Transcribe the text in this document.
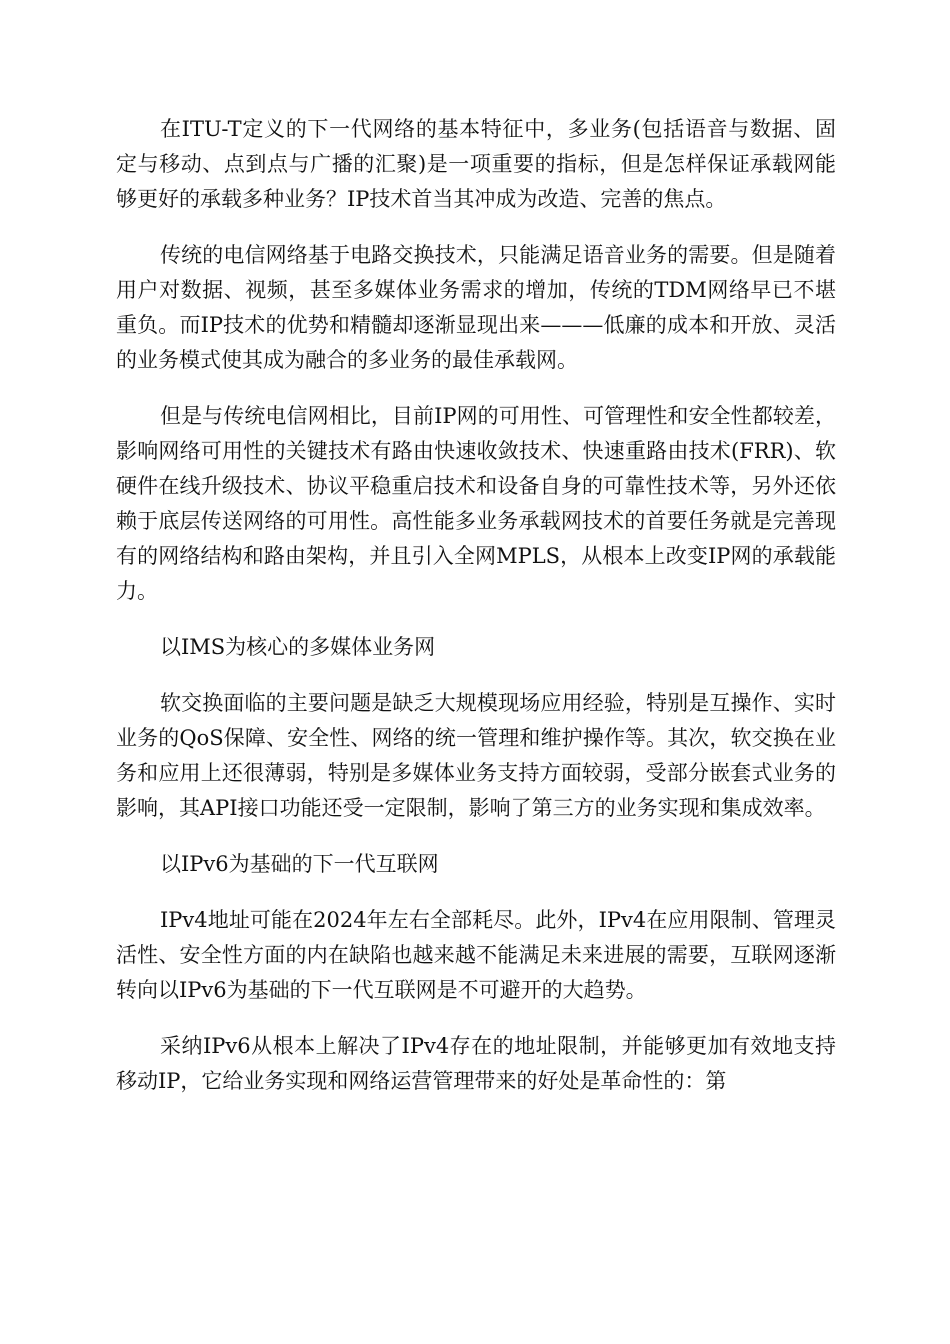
在ITU-T定义的下一代网络的基本特征中，多业务(包括语音与数据、固定与移动、点到点与广播的汇聚)是一项重要的指标，但是怎样保证承载网能够更好的承载多种业务？IP技术首当其冲成为改造、完善的焦点。

传统的电信网络基于电路交换技术，只能满足语音业务的需要。但是随着用户对数据、视频，甚至多媒体业务需求的增加，传统的TDM网络早已不堪重负。而IP技术的优势和精髓却逐渐显现出来———低廉的成本和开放、灵活的业务模式使其成为融合的多业务的最佳承载网。

但是与传统电信网相比，目前IP网的可用性、可管理性和安全性都较差，影响网络可用性的关键技术有路由快速收敛技术、快速重路由技术(FRR)、软硬件在线升级技术、协议平稳重启技术和设备自身的可靠性技术等，另外还依赖于底层传送网络的可用性。高性能多业务承载网技术的首要任务就是完善现有的网络结构和路由架构，并且引入全网MPLS，从根本上改变IP网的承载能力。

以IMS为核心的多媒体业务网

软交换面临的主要问题是缺乏大规模现场应用经验，特别是互操作、实时业务的QoS保障、安全性、网络的统一管理和维护操作等。其次，软交换在业务和应用上还很薄弱，特别是多媒体业务支持方面较弱，受部分嵌套式业务的影响，其API接口功能还受一定限制，影响了第三方的业务实现和集成效率。

以IPv6为基础的下一代互联网

IPv4地址可能在2024年左右全部耗尽。此外，IPv4在应用限制、管理灵活性、安全性方面的内在缺陷也越来越不能满足未来进展的需要，互联网逐渐转向以IPv6为基础的下一代互联网是不可避开的大趋势。

采纳IPv6从根本上解决了IPv4存在的地址限制，并能够更加有效地支持移动IP，它给业务实现和网络运营管理带来的好处是革命性的：第
